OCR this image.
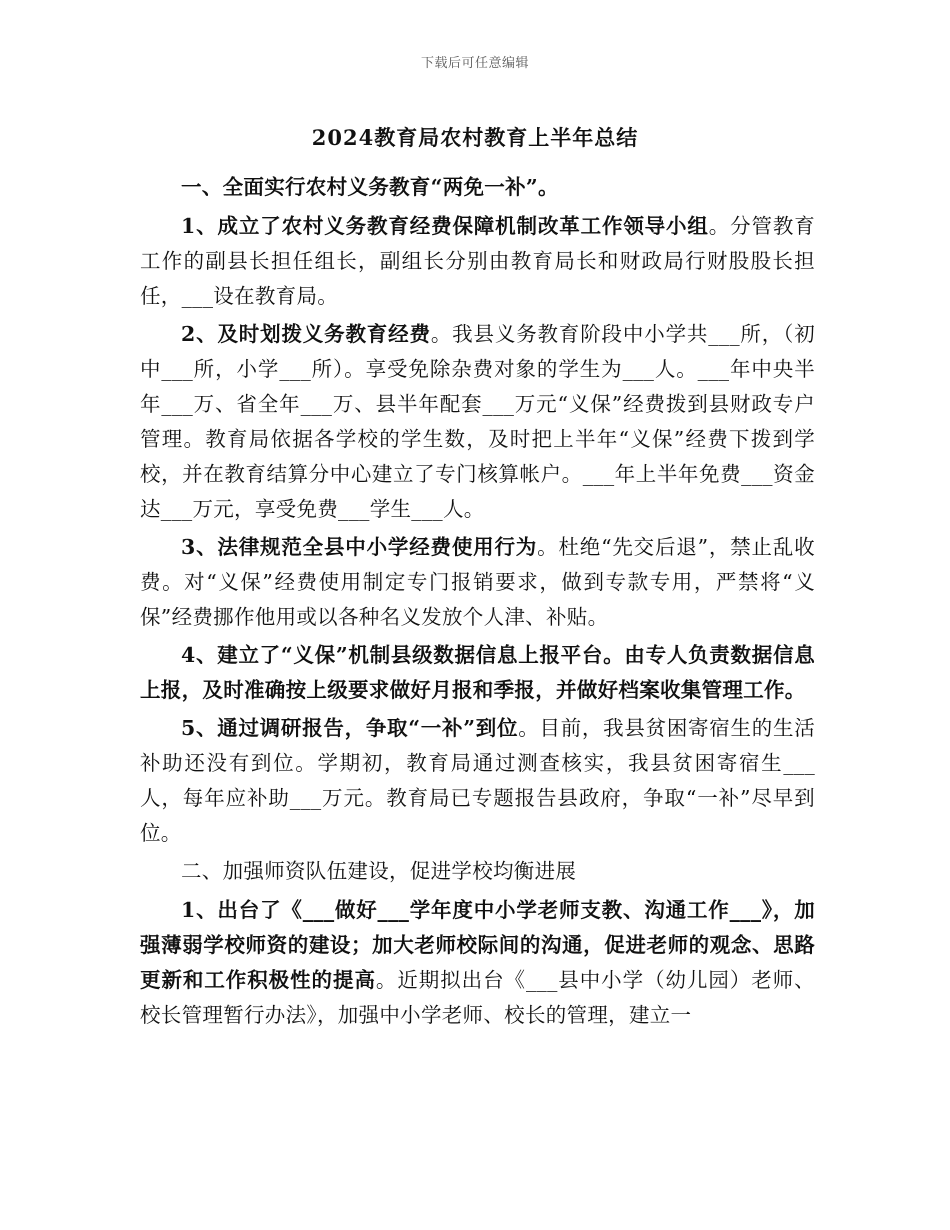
下载后可任意编辑
2024教育局农村教育上半年总结
一、全面实行农村义务教育“两免一补”。

1、成立了农村义务教育经费保障机制改革工作领导小组。分管教育工作的副县长担任组长，副组长分别由教育局长和财政局行财股股长担任，___设在教育局。

2、及时划拨义务教育经费。我县义务教育阶段中小学共___所，（初中___所，小学___所）。享受免除杂费对象的学生为___人。___年中央半年___万、省全年___万、县半年配套___万元“义保”经费拨到县财政专户管理。教育局依据各学校的学生数，及时把上半年“义保”经费下拨到学校，并在教育结算分中心建立了专门核算帐户。___年上半年免费___资金达___万元，享受免费___学生___人。

3、法律规范全县中小学经费使用行为。杜绝“先交后退”，禁止乱收费。对“义保”经费使用制定专门报销要求，做到专款专用，严禁将“义保”经费挪作他用或以各种名义发放个人津、补贴。

4、建立了“义保”机制县级数据信息上报平台。由专人负责数据信息上报，及时准确按上级要求做好月报和季报，并做好档案收集管理工作。

5、通过调研报告，争取“一补”到位。目前，我县贫困寄宿生的生活补助还没有到位。学期初，教育局通过测查核实，我县贫困寄宿生___人，每年应补助___万元。教育局已专题报告县政府，争取“一补”尽早到位。

二、加强师资队伍建设，促进学校均衡进展

1、出台了《___做好___学年度中小学老师支教、沟通工作___》，加强薄弱学校师资的建设；加大老师校际间的沟通，促进老师的观念、思路更新和工作积极性的提高。近期拟出台《___县中小学（幼儿园）老师、校长管理暂行办法》，加强中小学老师、校长的管理，建立一
